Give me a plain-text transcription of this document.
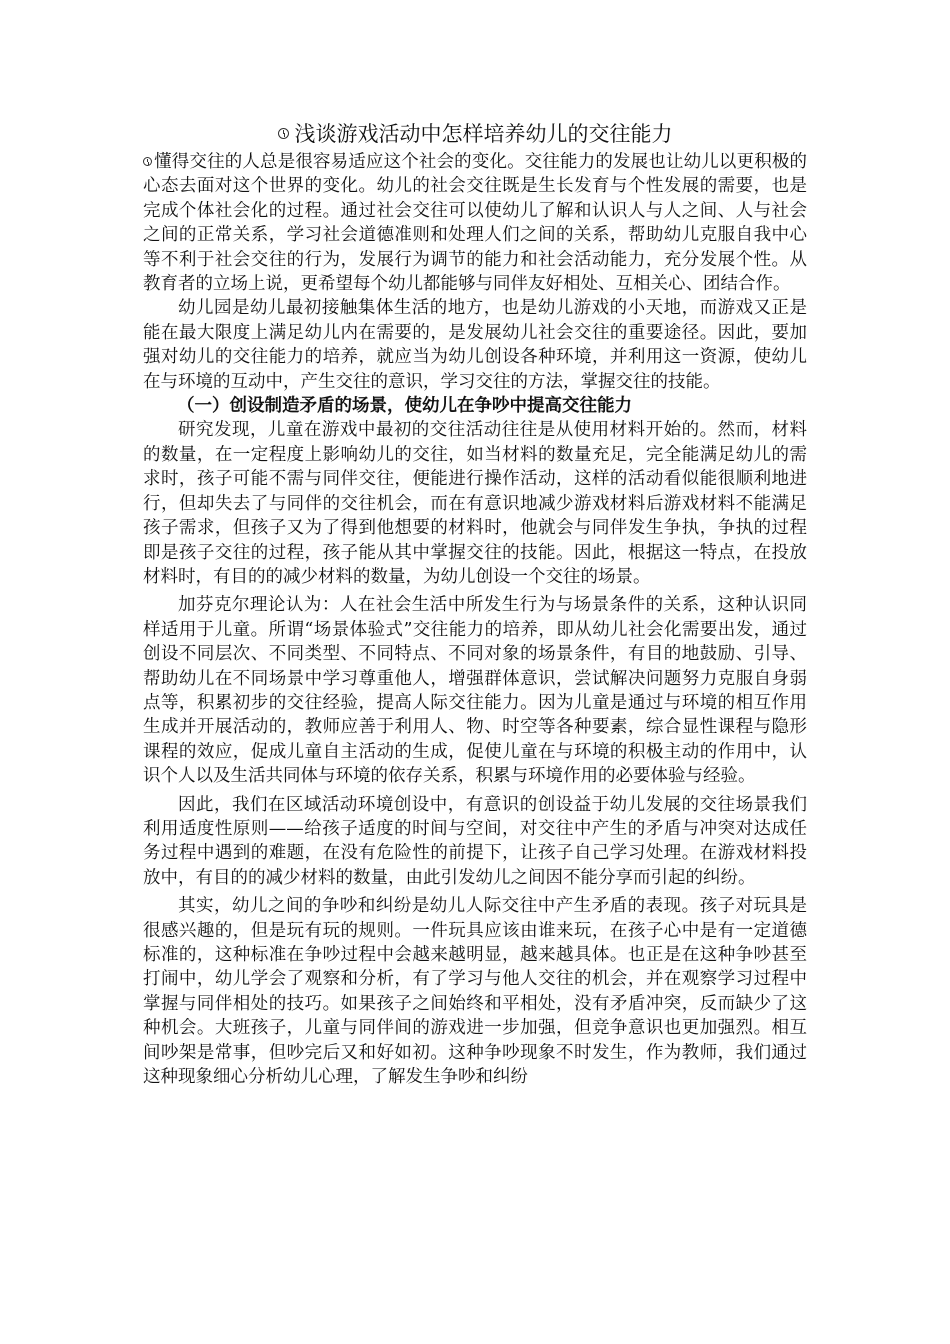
浅谈游戏活动中怎样培养幼儿的交往能力

懂得交往的人总是很容易适应这个社会的变化。交往能力的发展也让幼儿以更积极的心态去面对这个世界的变化。幼儿的社会交往既是生长发育与个性发展的需要，也是完成个体社会化的过程。通过社会交往可以使幼儿了解和认识人与人之间、人与社会之间的正常关系，学习社会道德准则和处理人们之间的关系，帮助幼儿克服自我中心等不利于社会交往的行为，发展行为调节的能力和社会活动能力，充分发展个性。从教育者的立场上说，更希望每个幼儿都能够与同伴友好相处、互相关心、团结合作。

幼儿园是幼儿最初接触集体生活的地方，也是幼儿游戏的小天地，而游戏又正是能在最大限度上满足幼儿内在需要的，是发展幼儿社会交往的重要途径。因此，要加强对幼儿的交往能力的培养，就应当为幼儿创设各种环境，并利用这一资源，使幼儿在与环境的互动中，产生交往的意识，学习交往的方法，掌握交往的技能。

（一）创设制造矛盾的场景，使幼儿在争吵中提高交往能力

研究发现，儿童在游戏中最初的交往活动往往是从使用材料开始的。然而，材料的数量，在一定程度上影响幼儿的交往，如当材料的数量充足，完全能满足幼儿的需求时，孩子可能不需与同伴交往，便能进行操作活动，这样的活动看似能很顺利地进行，但却失去了与同伴的交往机会，而在有意识地减少游戏材料后游戏材料不能满足孩子需求，但孩子又为了得到他想要的材料时，他就会与同伴发生争执，争执的过程即是孩子交往的过程，孩子能从其中掌握交往的技能。因此，根据这一特点，在投放材料时，有目的的减少材料的数量，为幼儿创设一个交往的场景。

加芬克尔理论认为：人在社会生活中所发生行为与场景条件的关系，这种认识同样适用于儿童。所谓“场景体验式”交往能力的培养，即从幼儿社会化需要出发，通过创设不同层次、不同类型、不同特点、不同对象的场景条件，有目的地鼓励、引导、帮助幼儿在不同场景中学习尊重他人，增强群体意识，尝试解决问题努力克服自身弱点等，积累初步的交往经验，提高人际交往能力。因为儿童是通过与环境的相互作用生成并开展活动的，教师应善于利用人、物、时空等各种要素，综合显性课程与隐形课程的效应，促成儿童自主活动的生成，促使儿童在与环境的积极主动的作用中，认识个人以及生活共同体与环境的依存关系，积累与环境作用的必要体验与经验。

因此，我们在区域活动环境创设中，有意识的创设益于幼儿发展的交往场景我们利用适度性原则——给孩子适度的时间与空间，对交往中产生的矛盾与冲突对达成任务过程中遇到的难题，在没有危险性的前提下，让孩子自己学习处理。在游戏材料投放中，有目的的减少材料的数量，由此引发幼儿之间因不能分享而引起的纠纷。

其实，幼儿之间的争吵和纠纷是幼儿人际交往中产生矛盾的表现。孩子对玩具是很感兴趣的，但是玩有玩的规则。一件玩具应该由谁来玩，在孩子心中是有一定道德标准的，这种标准在争吵过程中会越来越明显，越来越具体。也正是在这种争吵甚至打闹中，幼儿学会了观察和分析，有了学习与他人交往的机会，并在观察学习过程中掌握与同伴相处的技巧。如果孩子之间始终和平相处，没有矛盾冲突，反而缺少了这种机会。大班孩子，儿童与同伴间的游戏进一步加强，但竞争意识也更加强烈。相互间吵架是常事，但吵完后又和好如初。这种争吵现象不时发生，作为教师，我们通过这种现象细心分析幼儿心理，了解发生争吵和纠纷
